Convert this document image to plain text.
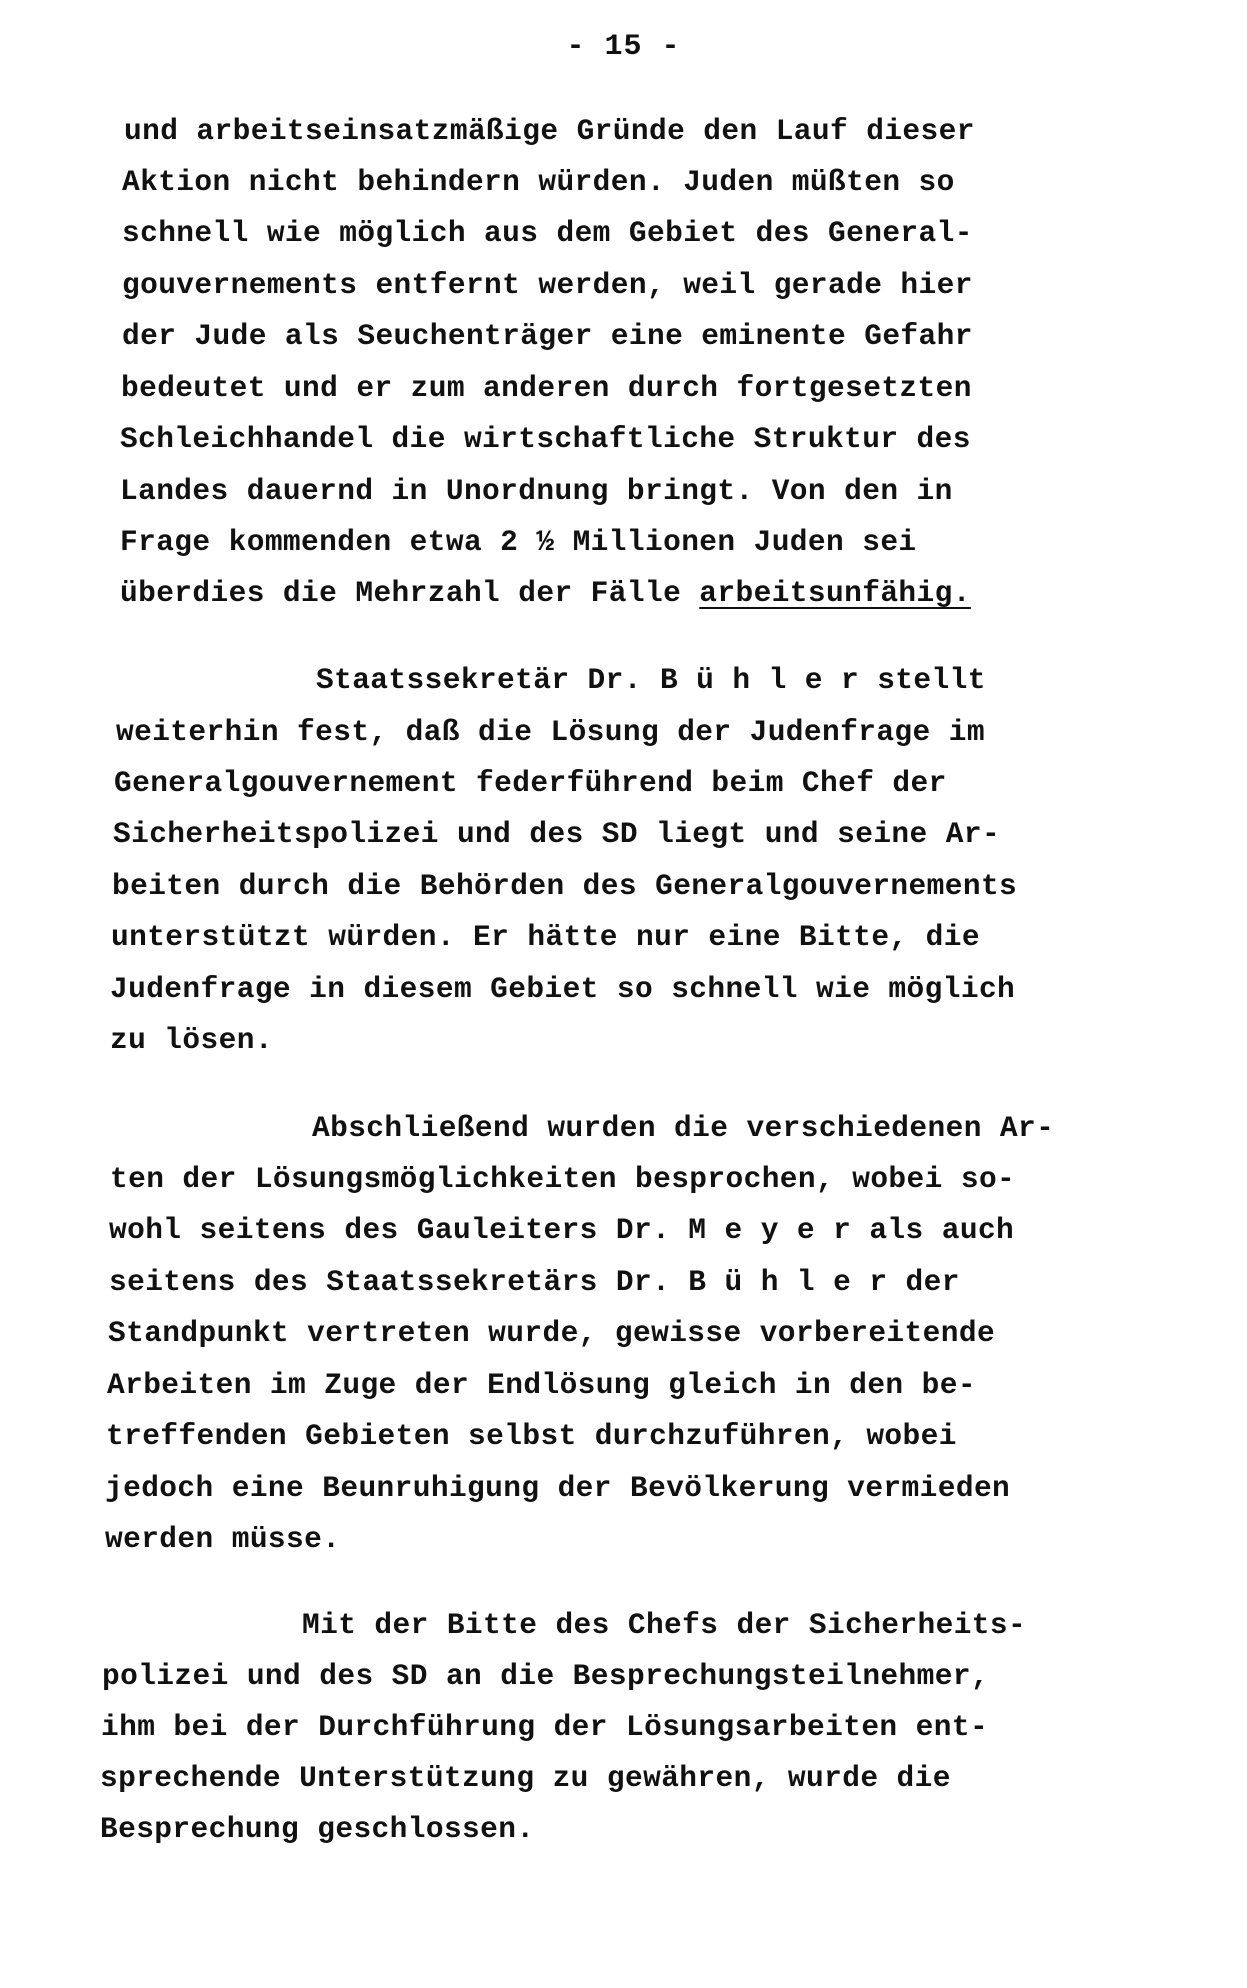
- 15 -
und arbeitseinsatzmäßige Gründe den Lauf dieser
Aktion nicht behindern würden. Juden müßten so
schnell wie möglich aus dem Gebiet des General-
gouvernements entfernt werden, weil gerade hier
der Jude als Seuchenträger eine eminente Gefahr
bedeutet und er zum anderen durch fortgesetzten
Schleichhandel die wirtschaftliche Struktur des
Landes dauernd in Unordnung bringt. Von den in
Frage kommenden etwa 2 ½ Millionen Juden sei
überdies die Mehrzahl der Fälle arbeitsunfähig.
Staatssekretär Dr. B ü h l e r stellt
weiterhin fest, daß die Lösung der Judenfrage im
Generalgouvernement federführend beim Chef der
Sicherheitspolizei und des SD liegt und seine Ar-
beiten durch die Behörden des Generalgouvernements
unterstützt würden. Er hätte nur eine Bitte, die
Judenfrage in diesem Gebiet so schnell wie möglich
zu lösen.
Abschließend wurden die verschiedenen Ar-
ten der Lösungsmöglichkeiten besprochen, wobei so-
wohl seitens des Gauleiters Dr. M e y e r als auch
seitens des Staatssekretärs Dr. B ü h l e r der
Standpunkt vertreten wurde, gewisse vorbereitende
Arbeiten im Zuge der Endlösung gleich in den be-
treffenden Gebieten selbst durchzuführen, wobei
jedoch eine Beunruhigung der Bevölkerung vermieden
werden müsse.
Mit der Bitte des Chefs der Sicherheits-
polizei und des SD an die Besprechungsteilnehmer,
ihm bei der Durchführung der Lösungsarbeiten ent-
sprechende Unterstützung zu gewähren, wurde die
Besprechung geschlossen.
